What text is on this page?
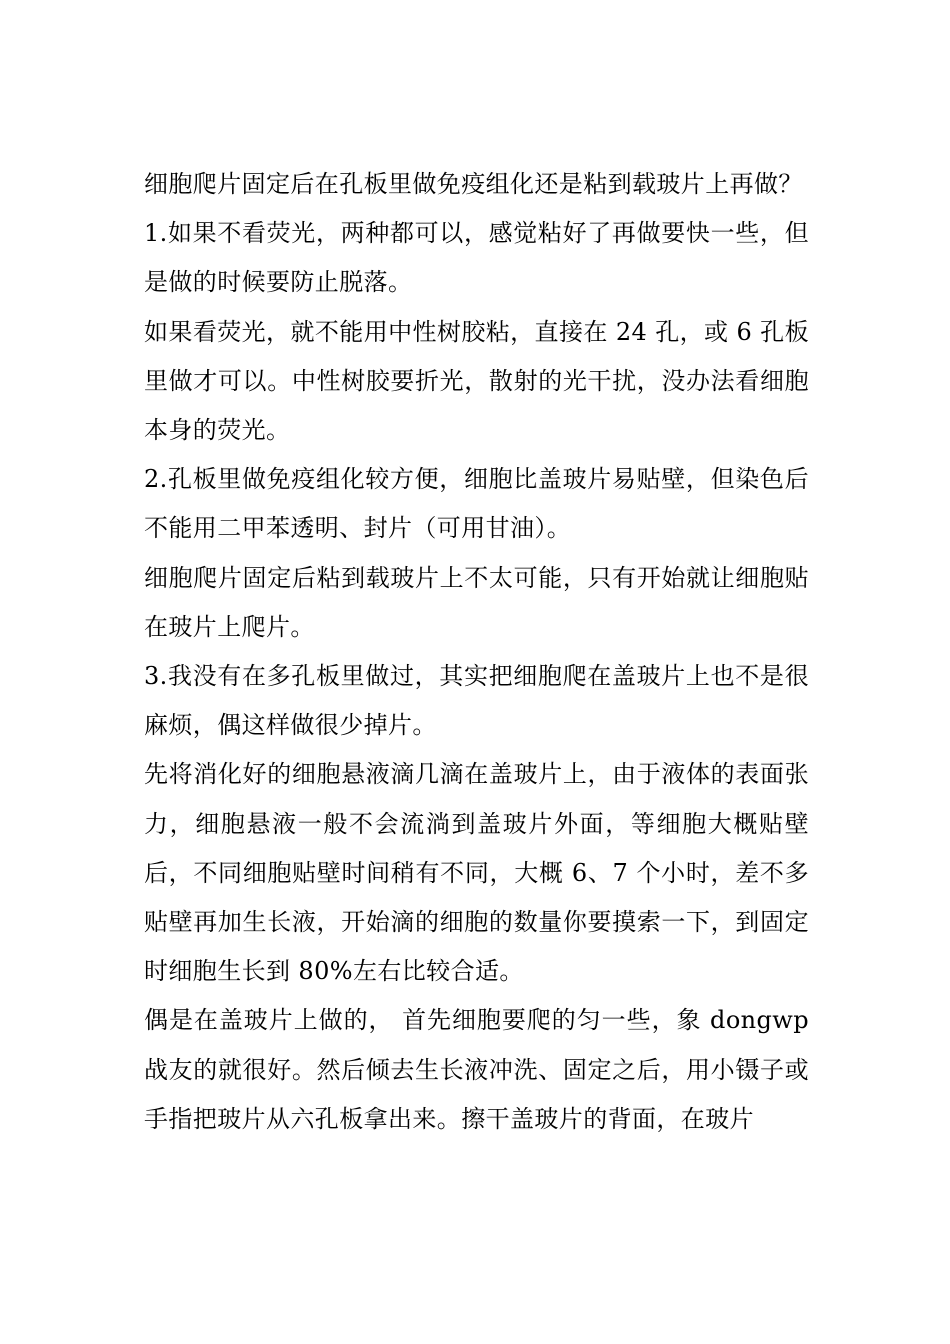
细胞爬片固定后在孔板里做免疫组化还是粘到载玻片上再做？

1.如果不看荧光，两种都可以，感觉粘好了再做要快一些，但是做的时候要防止脱落。

如果看荧光，就不能用中性树胶粘，直接在 24 孔，或 6 孔板里做才可以。中性树胶要折光，散射的光干扰，没办法看细胞本身的荧光。

2.孔板里做免疫组化较方便，细胞比盖玻片易贴壁，但染色后不能用二甲苯透明、封片（可用甘油）。

细胞爬片固定后粘到载玻片上不太可能，只有开始就让细胞贴在玻片上爬片。

3.我没有在多孔板里做过，其实把细胞爬在盖玻片上也不是很麻烦，偶这样做很少掉片。

先将消化好的细胞悬液滴几滴在盖玻片上，由于液体的表面张力，细胞悬液一般不会流淌到盖玻片外面，等细胞大概贴壁后，不同细胞贴壁时间稍有不同，大概 6、7 个小时，差不多贴壁再加生长液，开始滴的细胞的数量你要摸索一下，到固定时细胞生长到 80%左右比较合适。

偶是在盖玻片上做的， 首先细胞要爬的匀一些，象 dongwp 战友的就很好。然后倾去生长液冲洗、固定之后，用小镊子或手指把玻片从六孔板拿出来。擦干盖玻片的背面，在玻片
